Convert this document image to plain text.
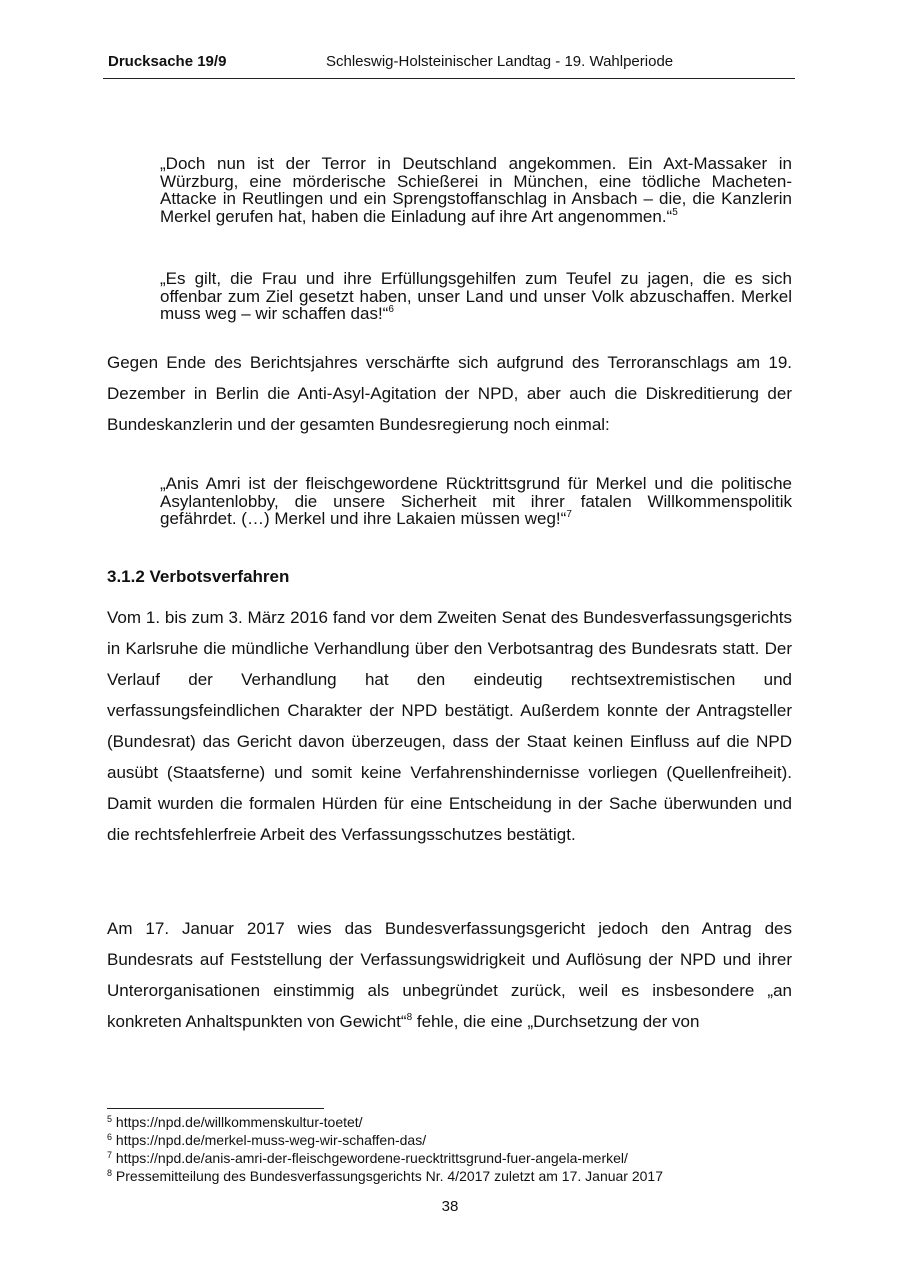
Drucksache 19/9	Schleswig-Holsteinischer Landtag - 19. Wahlperiode
„Doch nun ist der Terror in Deutschland angekommen. Ein Axt-Massaker in Würzburg, eine mörderische Schießerei in München, eine tödliche Macheten-Attacke in Reutlingen und ein Sprengstoffanschlag in Ansbach – die, die Kanzlerin Merkel gerufen hat, haben die Einladung auf ihre Art angenommen.“$^5$
„Es gilt, die Frau und ihre Erfüllungsgehilfen zum Teufel zu jagen, die es sich offenbar zum Ziel gesetzt haben, unser Land und unser Volk abzuschaffen. Merkel muss weg – wir schaffen das!“$^6$

Gegen Ende des Berichtsjahres verschärfte sich aufgrund des Terroranschlags am 19. Dezember in Berlin die Anti-Asyl-Agitation der NPD, aber auch die Diskreditierung der Bundeskanzlerin und der gesamten Bundesregierung noch einmal:

„Anis Amri ist der fleischgewordene Rücktrittsgrund für Merkel und die politische Asylantenlobby, die unsere Sicherheit mit ihrer fatalen Willkommenspolitik gefährdet. (…) Merkel und ihre Lakaien müssen weg!“$^7$
3.1.2 Verbotsverfahren

Vom 1. bis zum 3. März 2016 fand vor dem Zweiten Senat des Bundesverfassungsgerichts in Karlsruhe die mündliche Verhandlung über den Verbotsantrag des Bundesrats statt. Der Verlauf der Verhandlung hat den eindeutig rechtsextremistischen und verfassungsfeindlichen Charakter der NPD bestätigt. Außerdem konnte der Antragsteller (Bundesrat) das Gericht davon überzeugen, dass der Staat keinen Einfluss auf die NPD ausübt (Staatsferne) und somit keine Verfahrenshindernisse vorliegen (Quellenfreiheit). Damit wurden die formalen Hürden für eine Entscheidung in der Sache überwunden und die rechtsfehlerfreie Arbeit des Verfassungsschutzes bestätigt.

Am 17. Januar 2017 wies das Bundesverfassungsgericht jedoch den Antrag des Bundesrats auf Feststellung der Verfassungswidrigkeit und Auflösung der NPD und ihrer Unterorganisationen einstimmig als unbegründet zurück, weil es insbesondere „an konkreten Anhaltspunkten von Gewicht“$^8$ fehle, die eine „Durchsetzung der von

$^5$ https://npd.de/willkommenskultur-toetet/
$^6$ https://npd.de/merkel-muss-weg-wir-schaffen-das/
$^7$ https://npd.de/anis-amri-der-fleischgewordene-ruecktrittsgrund-fuer-angela-merkel/
$^8$ Pressemitteilung des Bundesverfassungsgerichts Nr. 4/2017 zuletzt am 17. Januar 2017
38
